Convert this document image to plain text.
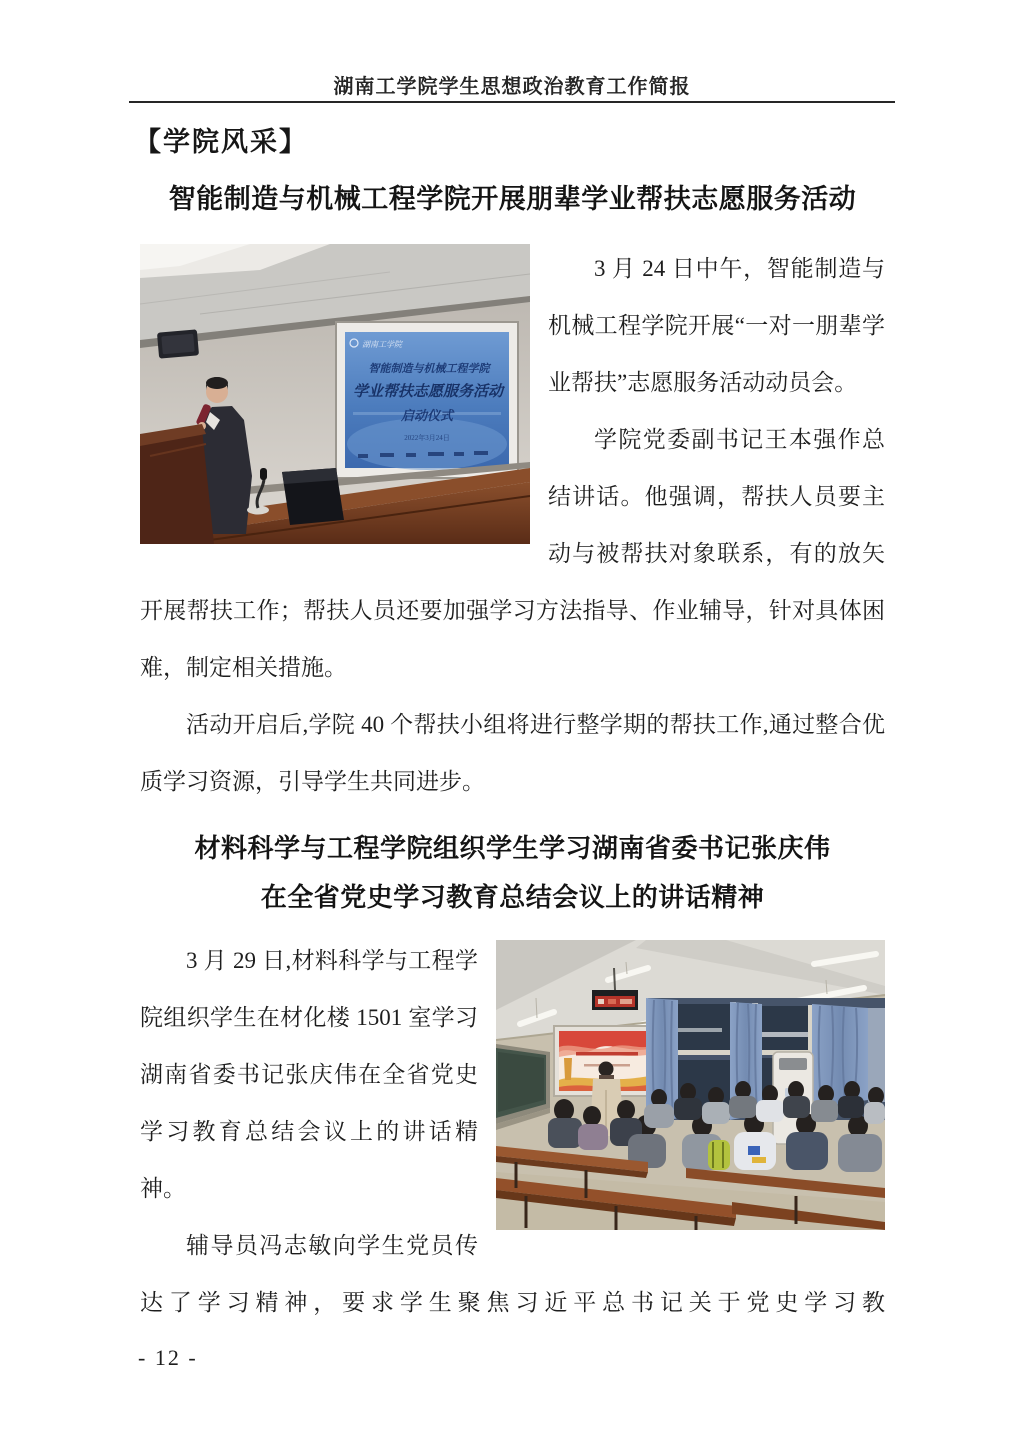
湖南工学院学生思想政治教育工作简报
【学院风采】
智能制造与机械工程学院开展朋辈学业帮扶志愿服务活动
湖南工学院
智能制造与机械工程学院
学业帮扶志愿服务活动
启动仪式
2022年3月24日

3 月 24 日中午，智能制造与机械工程学院开展“一对一朋辈学业帮扶”志愿服务活动动员会。

学院党委副书记王本强作总结讲话。他强调，帮扶人员要主动与被帮扶对象联系，有的放矢开展帮扶工作；帮扶人员还要加强学习方法指导、作业辅导，针对具体困难，制定相关措施。

活动开启后,学院 40 个帮扶小组将进行整学期的帮扶工作,通过整合优质学习资源，引导学生共同进步。

材料科学与工程学院组织学生学习湖南省委书记张庆伟
在全省党史学习教育总结会议上的讲话精神

3 月 29 日,材料科学与工程学院组织学生在材化楼 1501 室学习湖南省委书记张庆伟在全省党史学习教育总结会议上的讲话精神。

辅导员冯志敏向学生党员传达了学习精神，要求学生聚焦习近平总书记关于党史学习教

- 12 -
